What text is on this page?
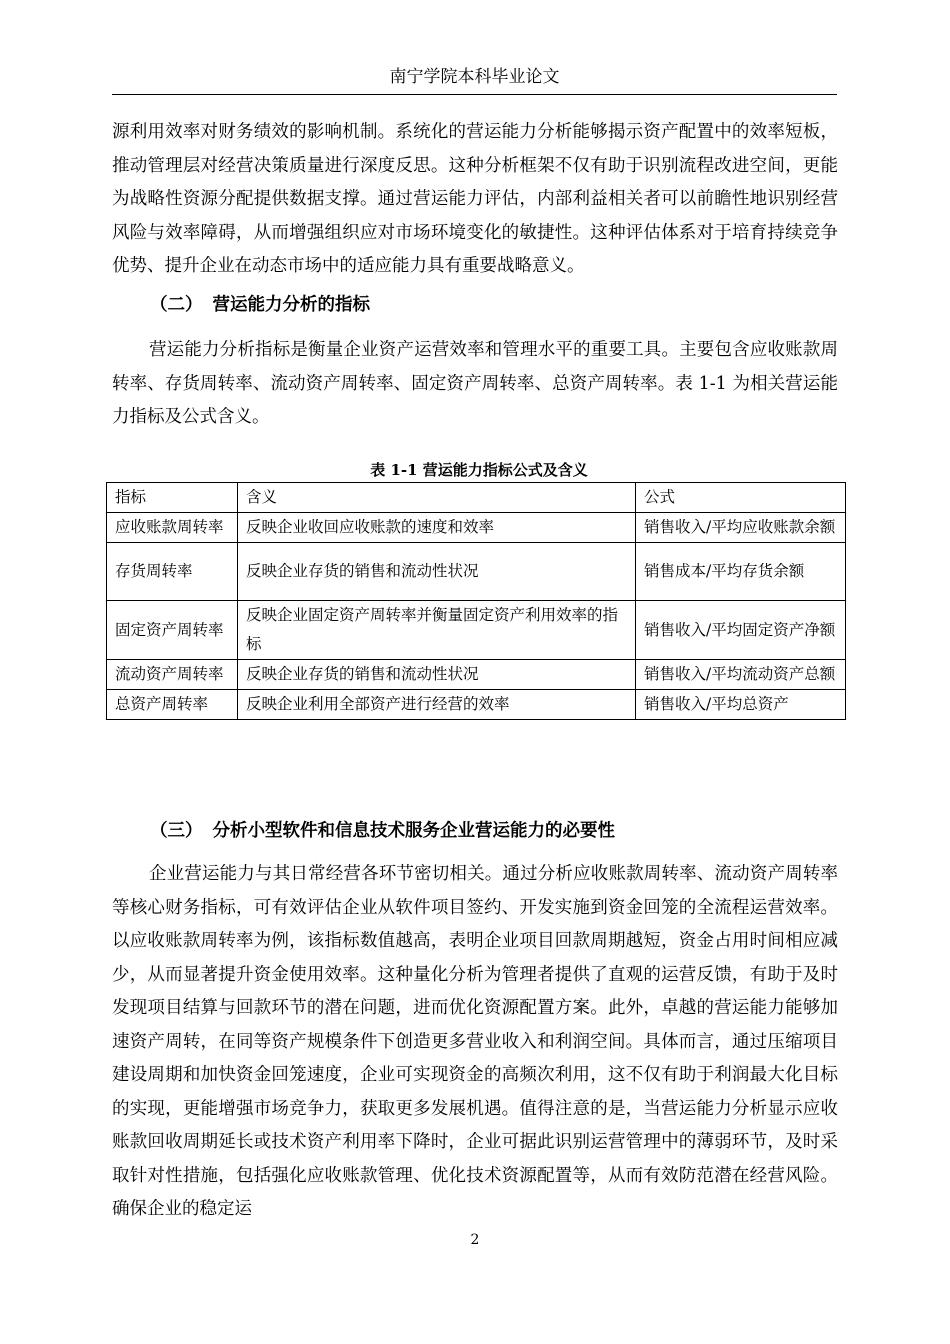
南宁学院本科毕业论文
源利用效率对财务绩效的影响机制。系统化的营运能力分析能够揭示资产配置中的效率短板，推动管理层对经营决策质量进行深度反思。这种分析框架不仅有助于识别流程改进空间，更能为战略性资源分配提供数据支撑。通过营运能力评估，内部利益相关者可以前瞻性地识别经营风险与效率障碍，从而增强组织应对市场环境变化的敏捷性。这种评估体系对于培育持续竞争优势、提升企业在动态市场中的适应能力具有重要战略意义。
（二） 营运能力分析的指标
营运能力分析指标是衡量企业资产运营效率和管理水平的重要工具。主要包含应收账款周转率、存货周转率、流动资产周转率、固定资产周转率、总资产周转率。表 1-1 为相关营运能力指标及公式含义。
表 1-1 营运能力指标公式及含义
指标	含义	公式
应收账款周转率	反映企业收回应收账款的速度和效率	销售收入/平均应收账款余额
存货周转率	反映企业存货的销售和流动性状况	销售成本/平均存货余额
固定资产周转率	反映企业固定资产周转率并衡量固定资产利用效率的指标	销售收入/平均固定资产净额
流动资产周转率	反映企业存货的销售和流动性状况	销售收入/平均流动资产总额
总资产周转率	反映企业利用全部资产进行经营的效率	销售收入/平均总资产
（三） 分析小型软件和信息技术服务企业营运能力的必要性
企业营运能力与其日常经营各环节密切相关。通过分析应收账款周转率、流动资产周转率等核心财务指标，可有效评估企业从软件项目签约、开发实施到资金回笼的全流程运营效率。以应收账款周转率为例，该指标数值越高，表明企业项目回款周期越短，资金占用时间相应减少，从而显著提升资金使用效率。这种量化分析为管理者提供了直观的运营反馈，有助于及时发现项目结算与回款环节的潜在问题，进而优化资源配置方案。此外，卓越的营运能力能够加速资产周转，在同等资产规模条件下创造更多营业收入和利润空间。具体而言，通过压缩项目建设周期和加快资金回笼速度，企业可实现资金的高频次利用，这不仅有助于利润最大化目标的实现，更能增强市场竞争力，获取更多发展机遇。值得注意的是，当营运能力分析显示应收账款回收周期延长或技术资产利用率下降时，企业可据此识别运营管理中的薄弱环节，及时采取针对性措施，包括强化应收账款管理、优化技术资源配置等，从而有效防范潜在经营风险。确保企业的稳定运
2
